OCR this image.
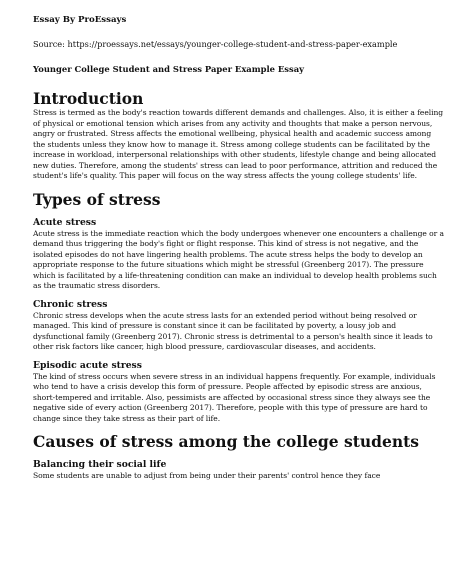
Essay By ProEssays

Source: https://proessays.net/essays/younger-college-student-and-stress-paper-example

Younger College Student and Stress Paper Example Essay

Introduction

Stress is termed as the body's reaction towards different demands and challenges. Also, it is either a feeling of physical or emotional tension which arises from any activity and thoughts that make a person nervous, angry or frustrated. Stress affects the emotional wellbeing, physical health and academic success among the students unless they know how to manage it. Stress among college students can be facilitated by the increase in workload, interpersonal relationships with other students, lifestyle change and being allocated new duties. Therefore, among the students' stress can lead to poor performance, attrition and reduced the student's life's quality. This paper will focus on the way stress affects the young college students' life.

Types of stress
Acute stress

Acute stress is the immediate reaction which the body undergoes whenever one encounters a challenge or a demand thus triggering the body's fight or flight response. This kind of stress is not negative, and the isolated episodes do not have lingering health problems. The acute stress helps the body to develop an appropriate response to the future situations which might be stressful (Greenberg 2017). The pressure which is facilitated by a life-threatening condition can make an individual to develop health problems such as the traumatic stress disorders.

Chronic stress

Chronic stress develops when the acute stress lasts for an extended period without being resolved or managed. This kind of pressure is constant since it can be facilitated by poverty, a lousy job and dysfunctional family (Greenberg 2017). Chronic stress is detrimental to a person's health since it leads to other risk factors like cancer, high blood pressure, cardiovascular diseases, and accidents.

Episodic acute stress

The kind of stress occurs when severe stress in an individual happens frequently. For example, individuals who tend to have a crisis develop this form of pressure. People affected by episodic stress are anxious, short-tempered and irritable. Also, pessimists are affected by occasional stress since they always see the negative side of every action (Greenberg 2017). Therefore, people with this type of pressure are hard to change since they take stress as their part of life.

Causes of stress among the college students
Balancing their social life

Some students are unable to adjust from being under their parents' control hence they face
